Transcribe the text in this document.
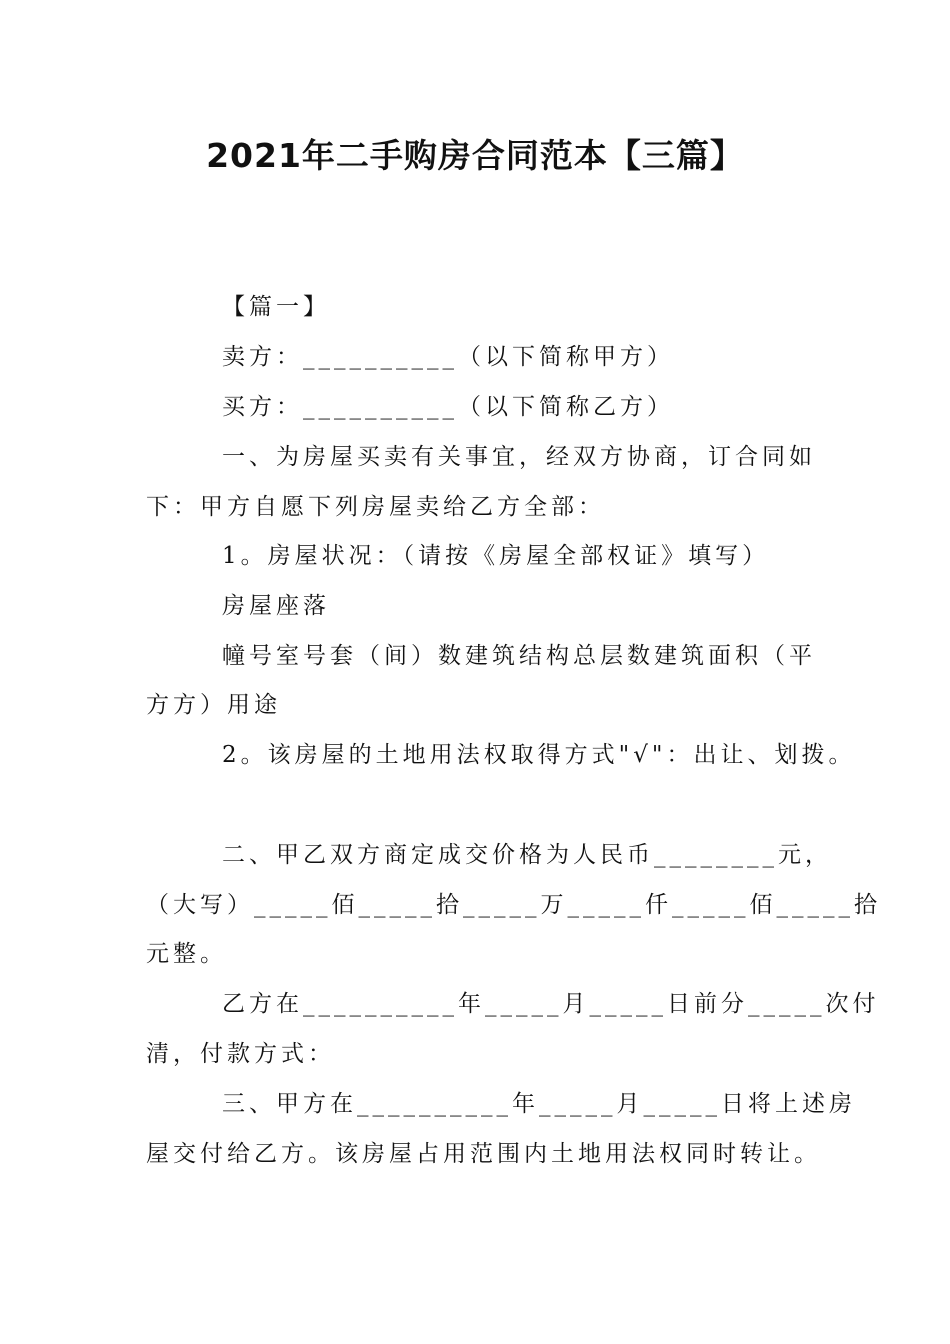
2021年二手购房合同范本【三篇】
【篇一】
卖方：__________（以下简称甲方）
买方：__________（以下简称乙方）
一、为房屋买卖有关事宜，经双方协商，订合同如
下：甲方自愿下列房屋卖给乙方全部：
1。房屋状况：（请按《房屋全部权证》填写）
房屋座落
幢号室号套（间）数建筑结构总层数建筑面积（平
方方）用途
2。该房屋的土地用法权取得方式"√"：出让、划拨。
二、甲乙双方商定成交价格为人民币________元，
（大写）_____佰_____拾_____万_____仟_____佰_____拾
元整。
乙方在__________年_____月_____日前分_____次付
清，付款方式：
三、甲方在__________年_____月_____日将上述房
屋交付给乙方。该房屋占用范围内土地用法权同时转让。
